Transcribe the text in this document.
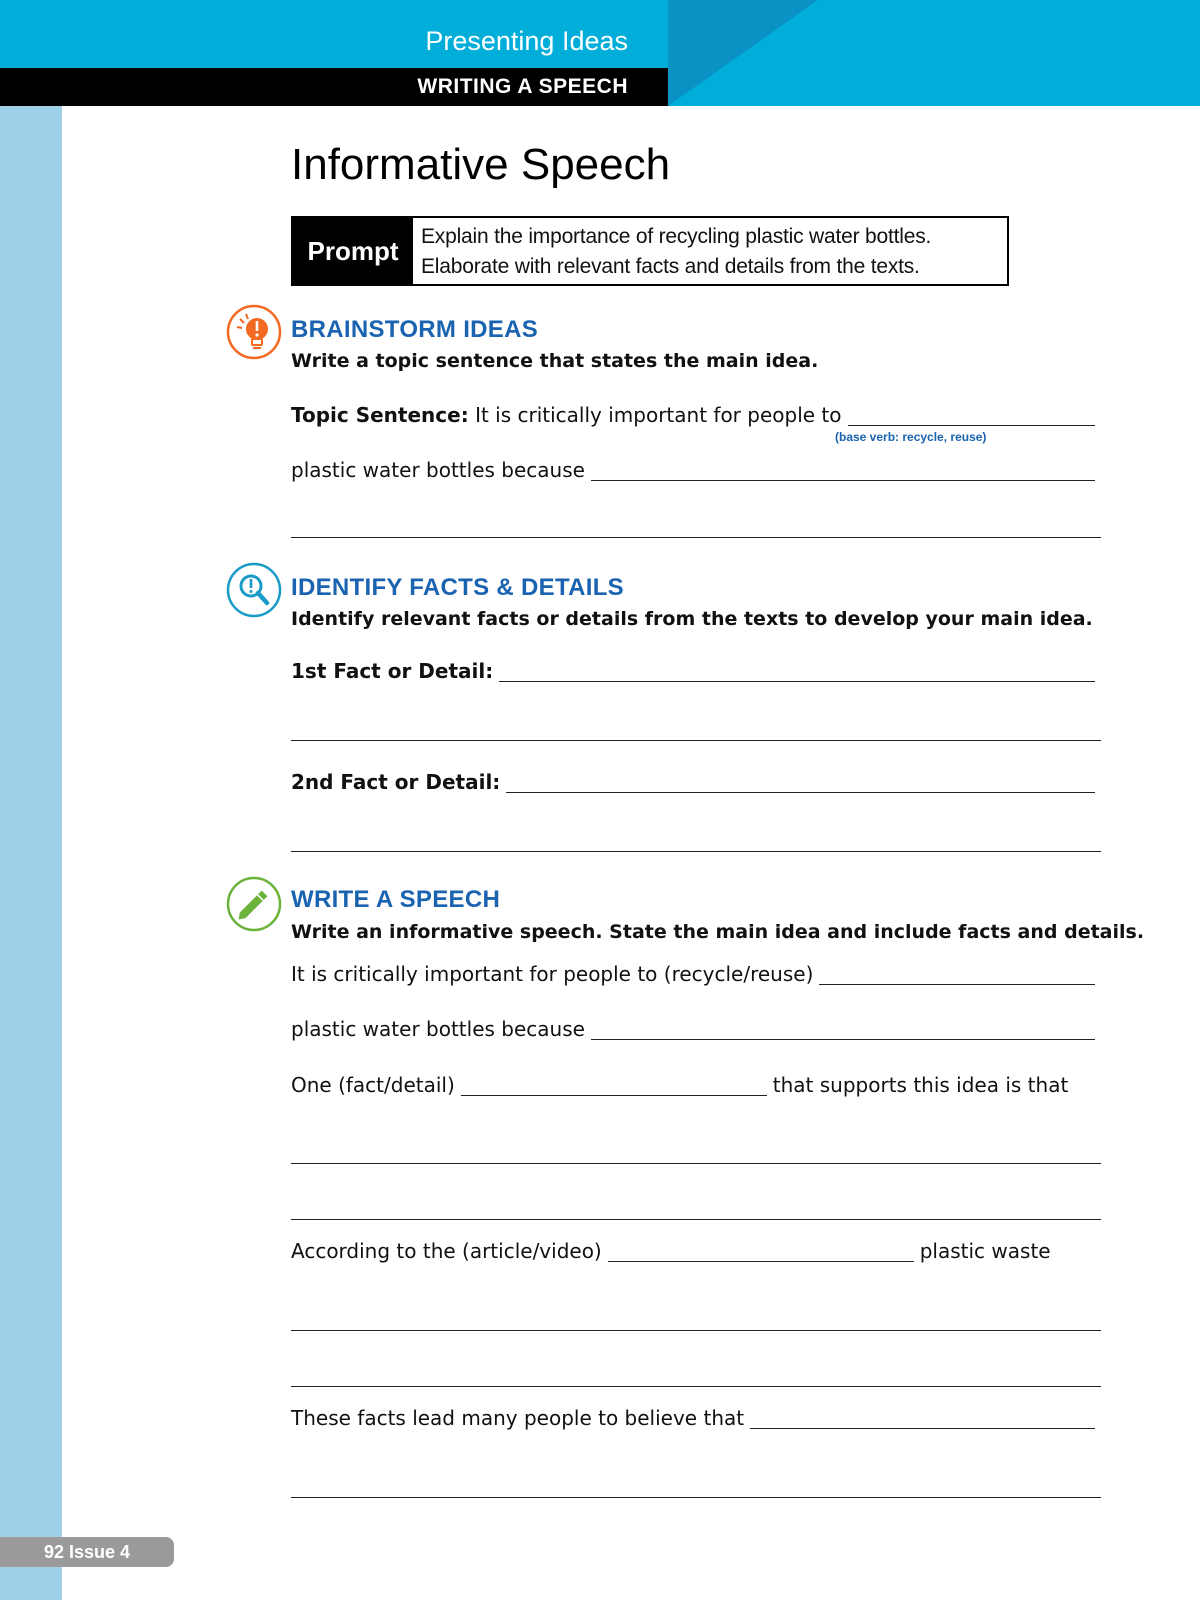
Presenting Ideas
WRITING A SPEECH
Informative Speech
Prompt	Explain the importance of recycling plastic water bottles.
Elaborate with relevant facts and details from the texts.
BRAINSTORM IDEAS
Write a topic sentence that states the main idea.
Topic Sentence: It is critically important for people to
(base verb: recycle, reuse)
plastic water bottles because
IDENTIFY FACTS & DETAILS
Identify relevant facts or details from the texts to develop your main idea.
1st Fact or Detail:
2nd Fact or Detail:
WRITE A SPEECH
Write an informative speech. State the main idea and include facts and details.
It is critically important for people to (recycle/reuse)
plastic water bottles because
One (fact/detail)	that supports this idea is that
According to the (article/video)	plastic waste
These facts lead many people to believe that
92 Issue 4
